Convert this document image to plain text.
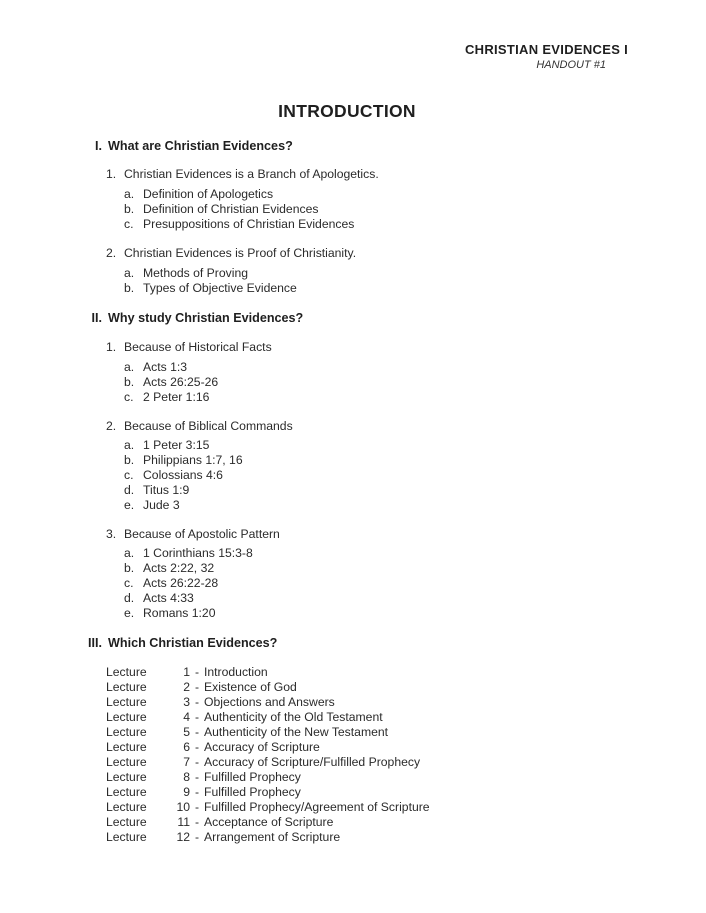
CHRISTIAN EVIDENCES I
HANDOUT #1
INTRODUCTION
I. What are Christian Evidences?
1. Christian Evidences is a Branch of Apologetics.
a. Definition of Apologetics
b. Definition of Christian Evidences
c. Presuppositions of Christian Evidences
2. Christian Evidences is Proof of Christianity.
a. Methods of Proving
b. Types of Objective Evidence
II. Why study Christian Evidences?
1. Because of Historical Facts
a. Acts 1:3
b. Acts 26:25-26
c. 2 Peter 1:16
2. Because of Biblical Commands
a. 1 Peter 3:15
b. Philippians 1:7, 16
c. Colossians 4:6
d. Titus 1:9
e. Jude 3
3. Because of Apostolic Pattern
a. 1 Corinthians 15:3-8
b. Acts 2:22, 32
c. Acts 26:22-28
d. Acts 4:33
e. Romans 1:20
III. Which Christian Evidences?
Lecture	1 - Introduction
Lecture	2 - Existence of God
Lecture	3 - Objections and Answers
Lecture	4 - Authenticity of the Old Testament
Lecture	5 - Authenticity of the New Testament
Lecture	6 - Accuracy of Scripture
Lecture	7 - Accuracy of Scripture/Fulfilled Prophecy
Lecture	8 - Fulfilled Prophecy
Lecture	9 - Fulfilled Prophecy
Lecture 10 - Fulfilled Prophecy/Agreement of Scripture
Lecture	11 - Acceptance of Scripture
Lecture 12 - Arrangement of Scripture
